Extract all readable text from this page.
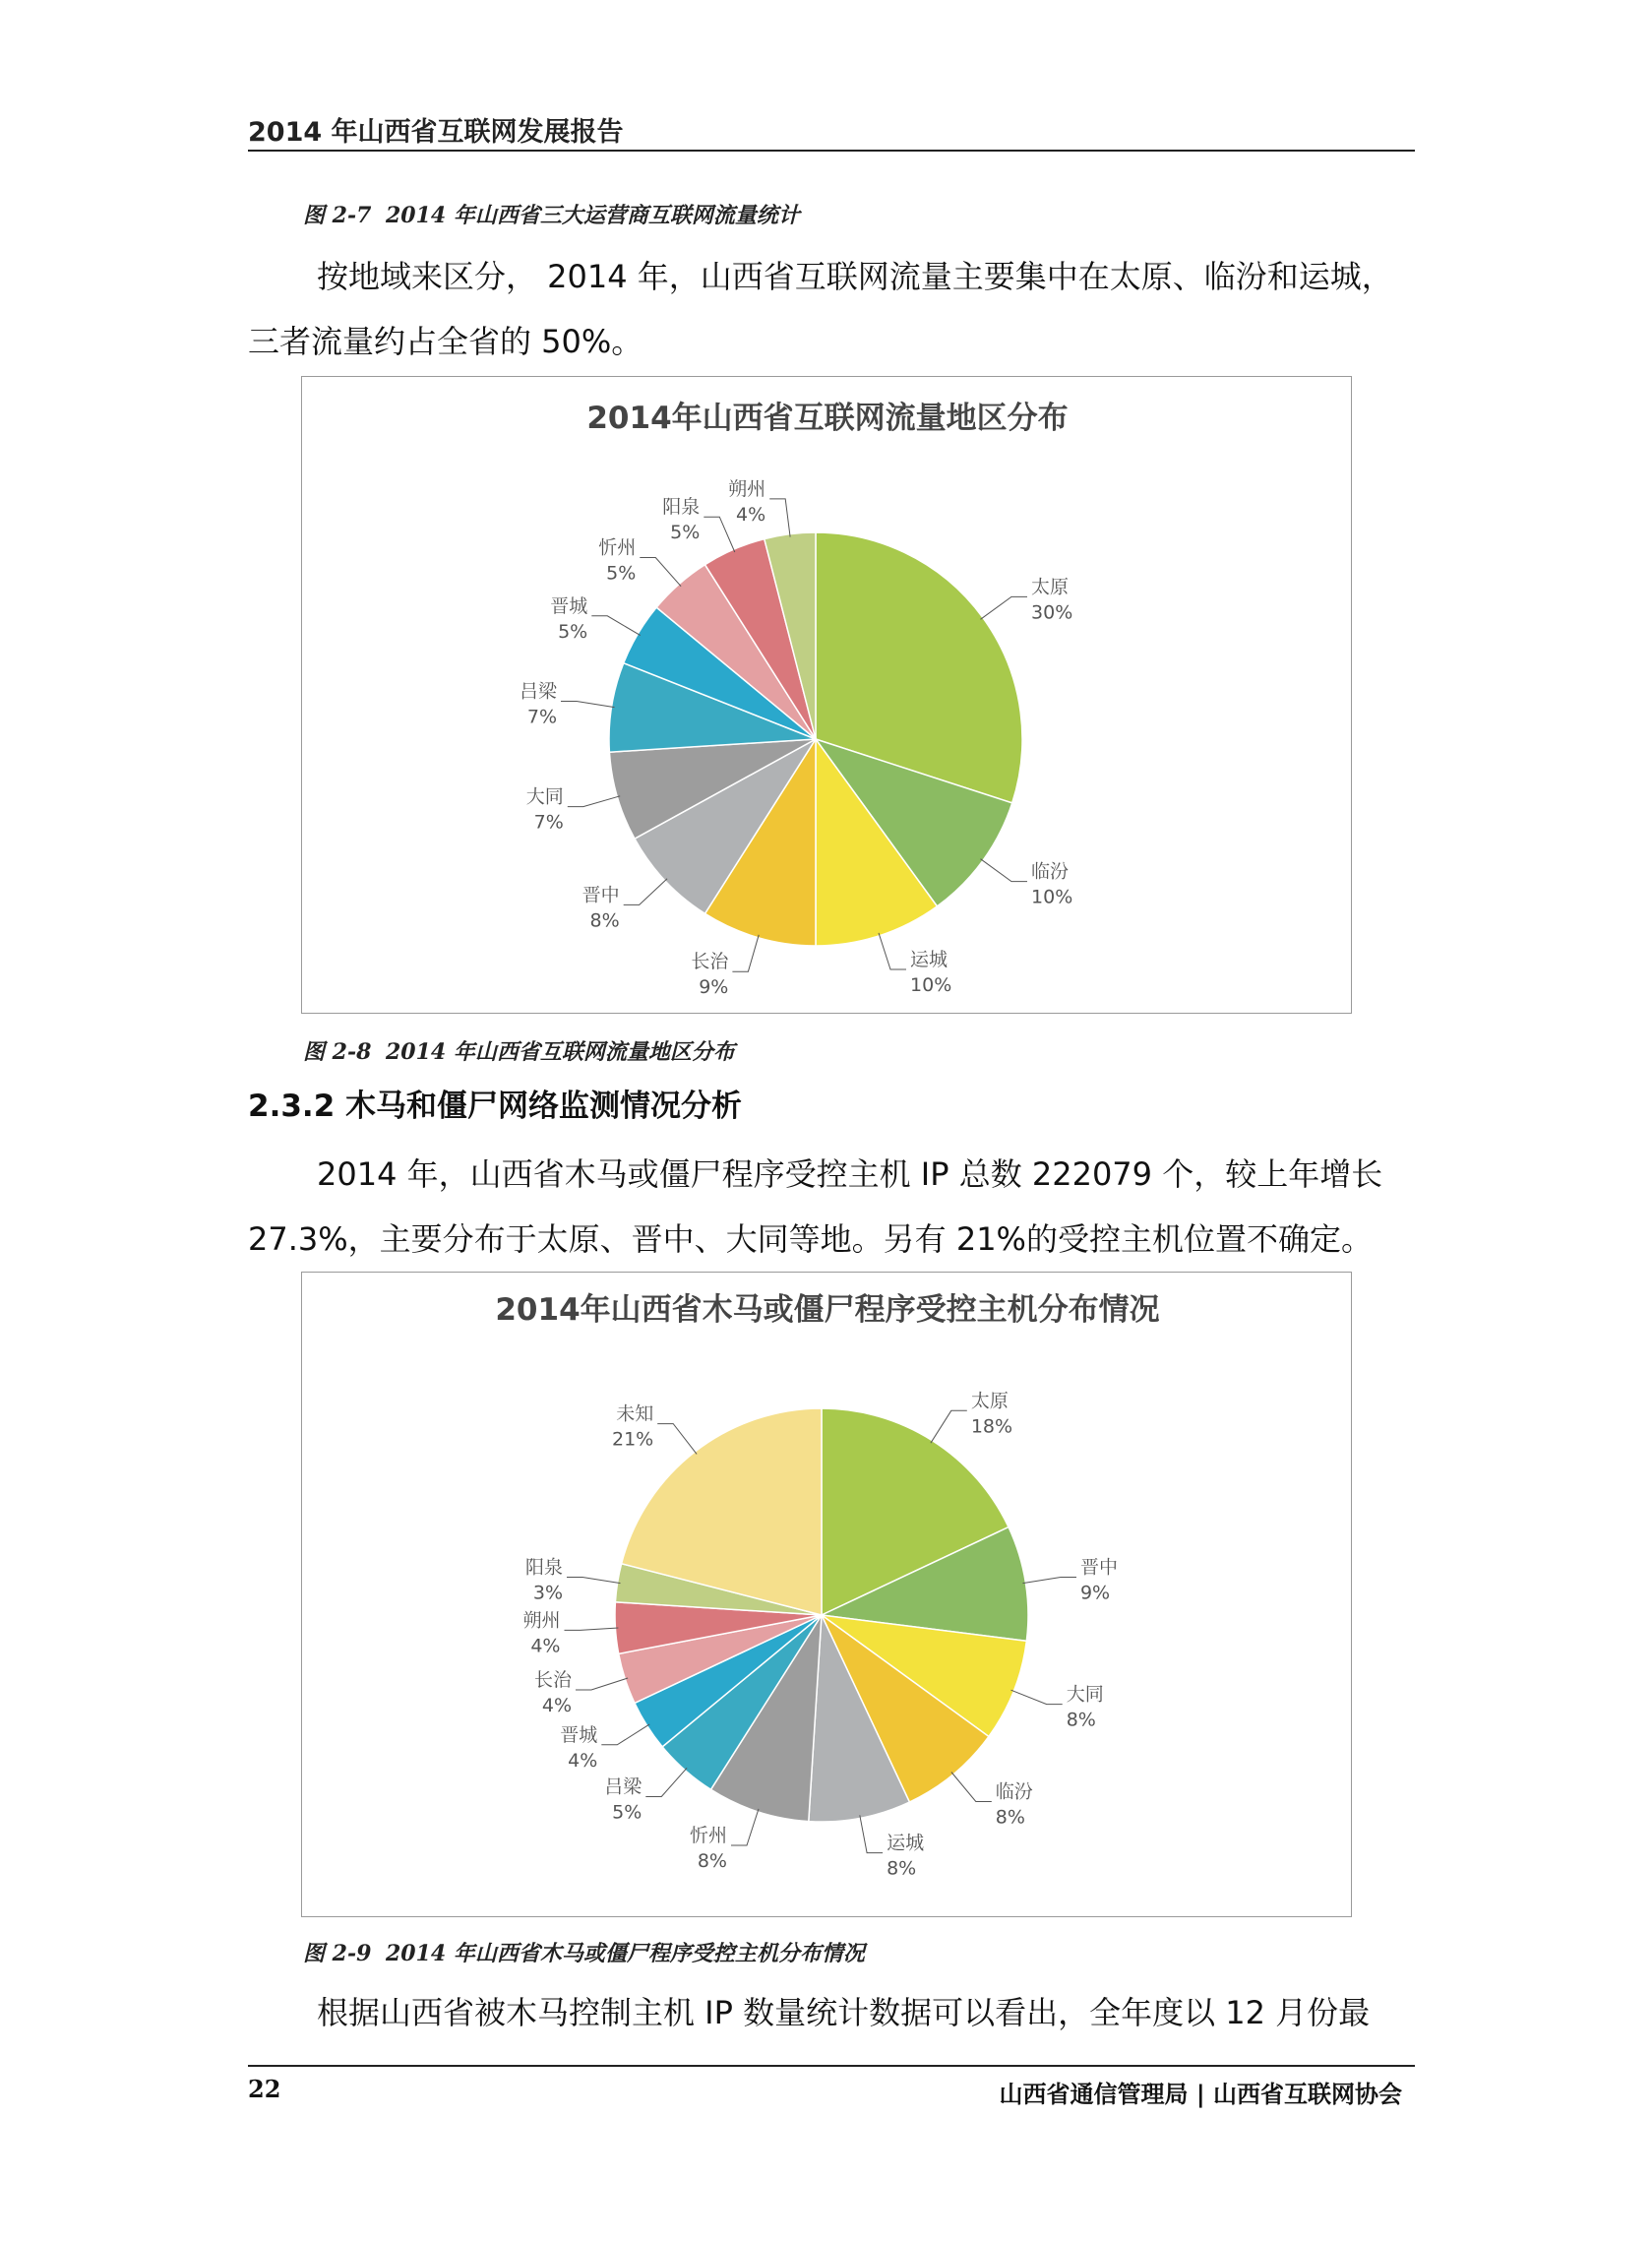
2014 年山西省互联网发展报告
图 2-7 2014 年山西省三大运营商互联网流量统计

按地域来区分， 2014 年，山西省互联网流量主要集中在太原、临汾和运城，三者流量约占全省的 50%。

2014年山西省互联网流量地区分布
太原
30%
临汾
10%
运城
10%
长治
9%
晋中
8%
大同
7%
吕梁
7%
晋城
5%
忻州
5%
阳泉
5%
朔州
4%
图 2-8 2014 年山西省互联网流量地区分布
2.3.2 木马和僵尸网络监测情况分析

2014 年，山西省木马或僵尸程序受控主机 IP 总数 222079 个，较上年增长 27.3%，主要分布于太原、晋中、大同等地。另有 21%的受控主机位置不确定。

2014年山西省木马或僵尸程序受控主机分布情况
太原
18%
晋中
9%
大同
8%
临汾
8%
运城
8%
忻州
8%
吕梁
5%
晋城
4%
长治
4%
朔州
4%
阳泉
3%
未知
21%
图 2-9 2014 年山西省木马或僵尸程序受控主机分布情况

根据山西省被木马控制主机 IP 数量统计数据可以看出，全年度以 12 月份最

22	山西省通信管理局 | 山西省互联网协会
